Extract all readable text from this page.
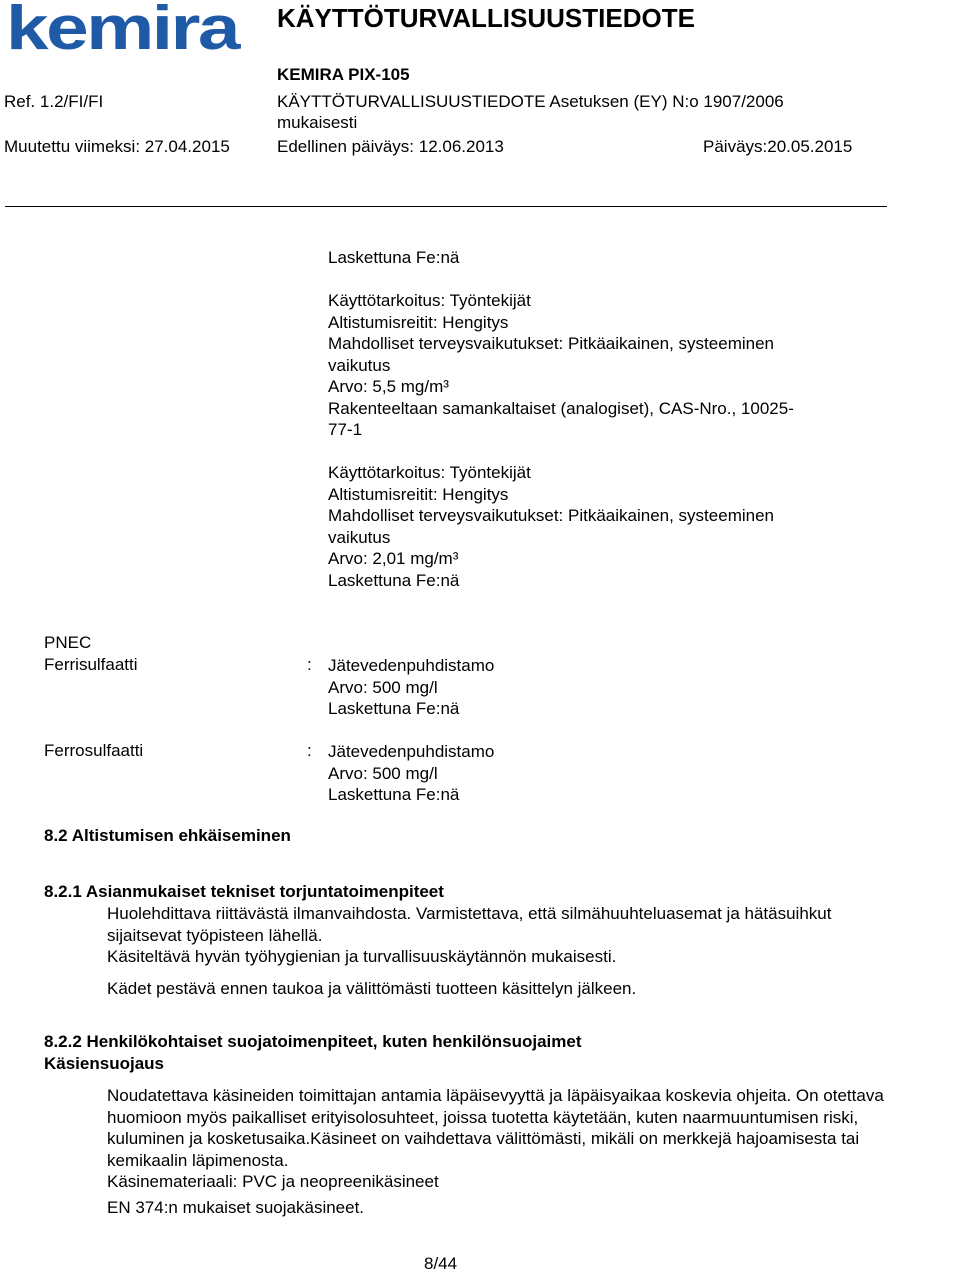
kemira KÄYTTÖTURVALLISUUSTIEDOTE
KEMIRA PIX-105
Ref. 1.2/FI/FI	KÄYTTÖTURVALLISUUSTIEDOTE Asetuksen (EY) N:o 1907/2006
mukaisesti
Muutettu viimeksi: 27.04.2015	Edellinen päiväys: 12.06.2013	Päiväys:20.05.2015
Laskettuna Fe:nä
Käyttötarkoitus: Työntekijät
Altistumisreitit: Hengitys
Mahdolliset terveysvaikutukset: Pitkäaikainen, systeeminen
vaikutus
Arvo: 5,5 mg/m³
Rakenteeltaan samankaltaiset (analogiset), CAS-Nro., 10025-
77-1
Käyttötarkoitus: Työntekijät
Altistumisreitit: Hengitys
Mahdolliset terveysvaikutukset: Pitkäaikainen, systeeminen
vaikutus
Arvo: 2,01 mg/m³
Laskettuna Fe:nä
PNEC
Ferrisulfaatti	: Jätevedenpuhdistamo
Arvo: 500 mg/l
Laskettuna Fe:nä
Ferrosulfaatti	: Jätevedenpuhdistamo
Arvo: 500 mg/l
Laskettuna Fe:nä
8.2 Altistumisen ehkäiseminen
8.2.1 Asianmukaiset tekniset torjuntatoimenpiteet
Huolehdittava riittävästä ilmanvaihdosta. Varmistettava, että silmähuuhteluasemat ja hätäsuihkut
sijaitsevat työpisteen lähellä.
Käsiteltävä hyvän työhygienian ja turvallisuuskäytännön mukaisesti.
Kädet pestävä ennen taukoa ja välittömästi tuotteen käsittelyn jälkeen.
8.2.2 Henkilökohtaiset suojatoimenpiteet, kuten henkilönsuojaimet
Käsiensuojaus
Noudatettava käsineiden toimittajan antamia läpäisevyyttä ja läpäisyaikaa koskevia ohjeita. On otettava
huomioon myös paikalliset erityisolosuhteet, joissa tuotetta käytetään, kuten naarmuuntumisen riski,
kuluminen ja kosketusaika.Käsineet on vaihdettava välittömästi, mikäli on merkkejä hajoamisesta tai
kemikaalin läpimenosta.
Käsinemateriaali: PVC ja neopreenikäsineet
EN 374:n mukaiset suojakäsineet.
8/44
